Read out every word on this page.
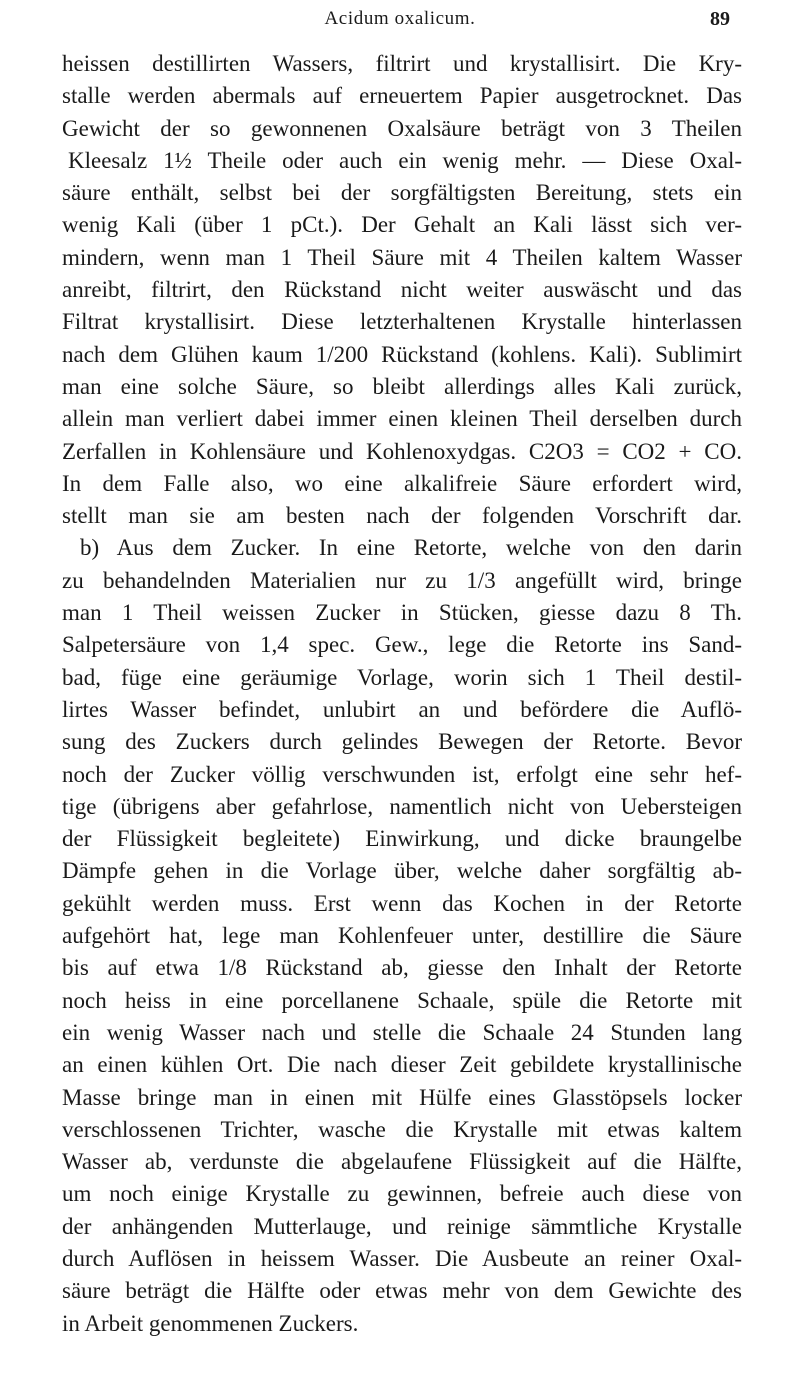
Acidum oxalicum.	89
heissen destillirten Wassers, filtrirt und krystallisirt. Die Kry-
stalle werden abermals auf erneuertem Papier ausgetrocknet. Das
Gewicht der so gewonnenen Oxalsäure beträgt von 3 Theilen
Kleesalz 1½ Theile oder auch ein wenig mehr. — Diese Oxal-
säure enthält, selbst bei der sorgfältigsten Bereitung, stets ein
wenig Kali (über 1 pCt.). Der Gehalt an Kali lässt sich ver-
mindern, wenn man 1 Theil Säure mit 4 Theilen kaltem Wasser
anreibt, filtrirt, den Rückstand nicht weiter auswäscht und das
Filtrat krystallisirt. Diese letzterhaltenen Krystalle hinterlassen
nach dem Glühen kaum 1/200 Rückstand (kohlens. Kali). Sublimirt
man eine solche Säure, so bleibt allerdings alles Kali zurück,
allein man verliert dabei immer einen kleinen Theil derselben durch
Zerfallen in Kohlensäure und Kohlenoxydgas. C2O3 = CO2 + CO.
In dem Falle also, wo eine alkalifreie Säure erfordert wird,
stellt man sie am besten nach der folgenden Vorschrift dar.
b) Aus dem Zucker. In eine Retorte, welche von den darin
zu behandelnden Materialien nur zu 1/3 angefüllt wird, bringe
man 1 Theil weissen Zucker in Stücken, giesse dazu 8 Th.
Salpetersäure von 1,4 spec. Gew., lege die Retorte ins Sand-
bad, füge eine geräumige Vorlage, worin sich 1 Theil destil-
lirtes Wasser befindet, unlubirt an und befördere die Auflö-
sung des Zuckers durch gelindes Bewegen der Retorte. Bevor
noch der Zucker völlig verschwunden ist, erfolgt eine sehr hef-
tige (übrigens aber gefahrlose, namentlich nicht von Uebersteigen
der Flüssigkeit begleitete) Einwirkung, und dicke braungelbe
Dämpfe gehen in die Vorlage über, welche daher sorgfältig ab-
gekühlt werden muss. Erst wenn das Kochen in der Retorte
aufgehört hat, lege man Kohlenfeuer unter, destillire die Säure
bis auf etwa 1/8 Rückstand ab, giesse den Inhalt der Retorte
noch heiss in eine porcellanene Schaale, spüle die Retorte mit
ein wenig Wasser nach und stelle die Schaale 24 Stunden lang
an einen kühlen Ort. Die nach dieser Zeit gebildete krystallinische
Masse bringe man in einen mit Hülfe eines Glasstöpsels locker
verschlossenen Trichter, wasche die Krystalle mit etwas kaltem
Wasser ab, verdunste die abgelaufene Flüssigkeit auf die Hälfte,
um noch einige Krystalle zu gewinnen, befreie auch diese von
der anhängenden Mutterlauge, und reinige sämmtliche Krystalle
durch Auflösen in heissem Wasser. Die Ausbeute an reiner Oxal-
säure beträgt die Hälfte oder etwas mehr von dem Gewichte des
in Arbeit genommenen Zuckers.
